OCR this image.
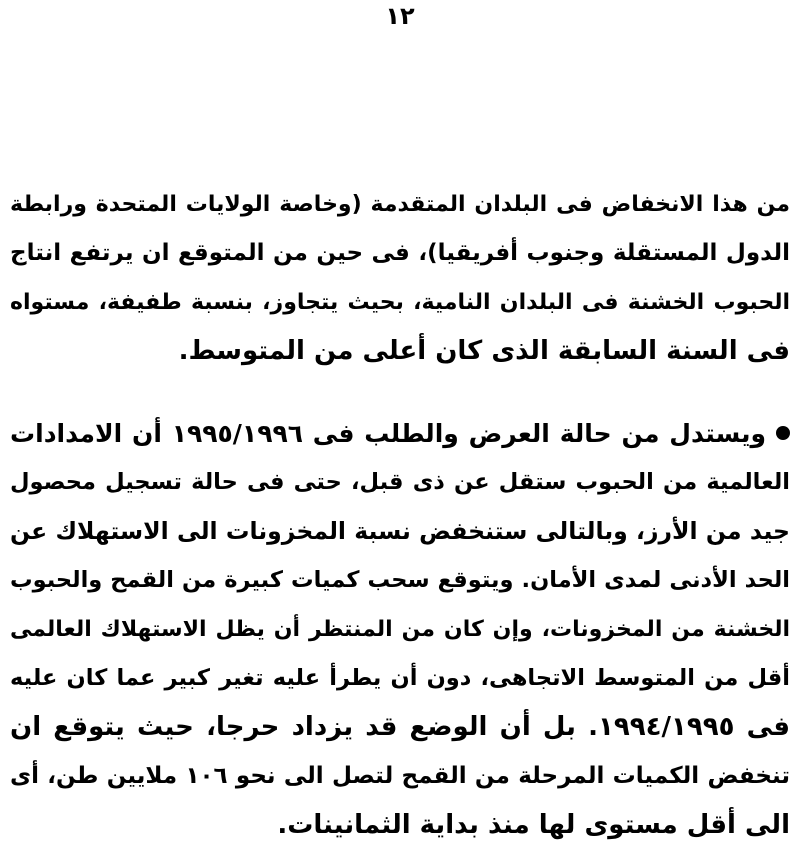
١٢
من هذا الانخفاض فى البلدان المتقدمة (وخاصة الولايات المتحدة ورابطة
الدول المستقلة وجنوب أفريقيا)، فى حين من المتوقع ان يرتفع انتاج
الحبوب الخشنة فى البلدان النامية، بحيث يتجاوز، بنسبة طفيفة، مستواه
فى السنة السابقة الذى كان أعلى من المتوسط.
ويستدل من حالة العرض والطلب فى ١٩٩٥/١٩٩٦ أن الامدادات
العالمية من الحبوب ستقل عن ذى قبل، حتى فى حالة تسجيل محصول
جيد من الأرز، وبالتالى ستنخفض نسبة المخزونات الى الاستهلاك عن
الحد الأدنى لمدى الأمان. ويتوقع سحب كميات كبيرة من القمح والحبوب
الخشنة من المخزونات، وإن كان من المنتظر أن يظل الاستهلاك العالمى
أقل من المتوسط الاتجاهى، دون أن يطرأ عليه تغير كبير عما كان عليه
فى ١٩٩٤/١٩٩٥. بل أن الوضع قد يزداد حرجا، حيث يتوقع ان
تنخفض الكميات المرحلة من القمح لتصل الى نحو ١٠٦ ملايين طن، أى
الى أقل مستوى لها منذ بداية الثمانينات.
